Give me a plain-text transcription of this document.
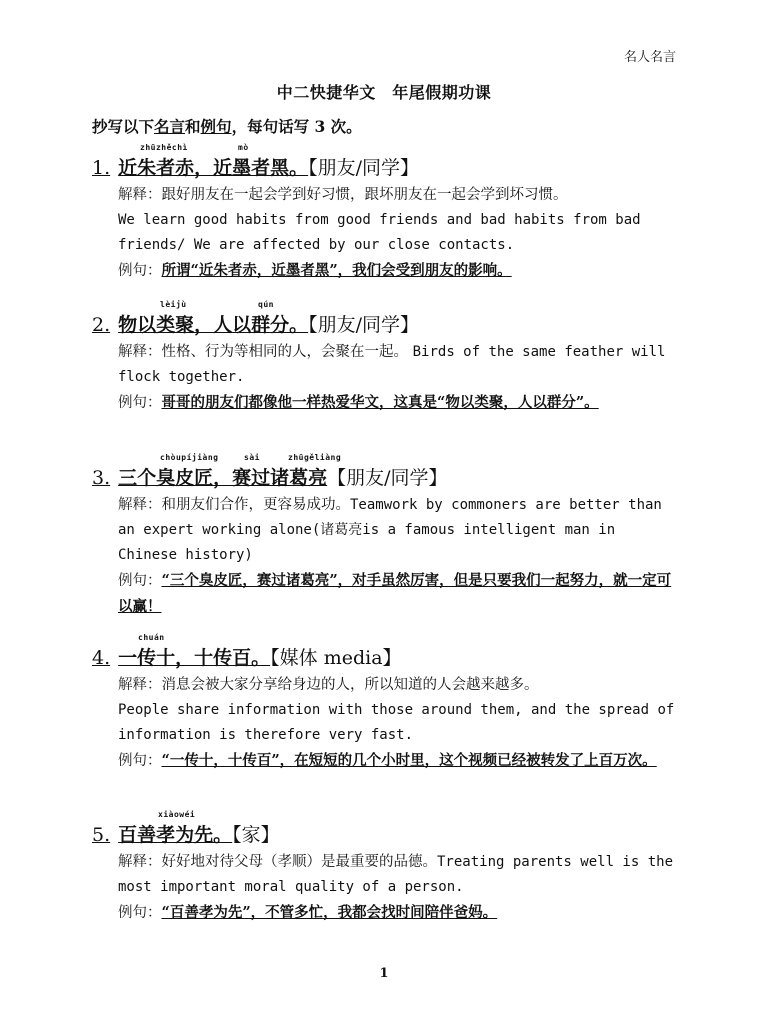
名人名言
中二快捷华文　年尾假期功课
抄写以下名言和例句，每句话写 3 次。
zhūzhěchì	mò
1. 近朱者赤，近墨者黑。【朋友/同学】

解释：跟好朋友在一起会学到好习惯，跟坏朋友在一起会学到坏习惯。

We learn good habits from good friends and bad habits from bad friends/ We are affected by our close contacts.

例句：所谓“近朱者赤，近墨者黑”，我们会受到朋友的影响。

lèijù	qún
2. 物以类聚，人以群分。【朋友/同学】

解释：性格、行为等相同的人，会聚在一起。 Birds of the same feather will flock together.

例句：哥哥的朋友们都像他一样热爱华文，这真是“物以类聚，人以群分”。

chòupíjiàng	sài	zhūgěliàng
3. 三个臭皮匠，赛过诸葛亮【朋友/同学】

解释：和朋友们合作，更容易成功。Teamwork by commoners are better than an expert working alone(诸葛亮is a famous intelligent man in Chinese history)

例句：“三个臭皮匠，赛过诸葛亮”，对手虽然厉害，但是只要我们一起努力，就一定可以赢！

chuán
4. 一传十，十传百。【媒体 media】

解释：消息会被大家分享给身边的人，所以知道的人会越来越多。

People share information with those around them, and the spread of information is therefore very fast.

例句：“一传十，十传百”，在短短的几个小时里，这个视频已经被转发了上百万次。

xiàowéi
5. 百善孝为先。【家】

解释：好好地对待父母（孝顺）是最重要的品德。Treating parents well is the most important moral quality of a person.

例句：“百善孝为先”，不管多忙，我都会找时间陪伴爸妈。

1
